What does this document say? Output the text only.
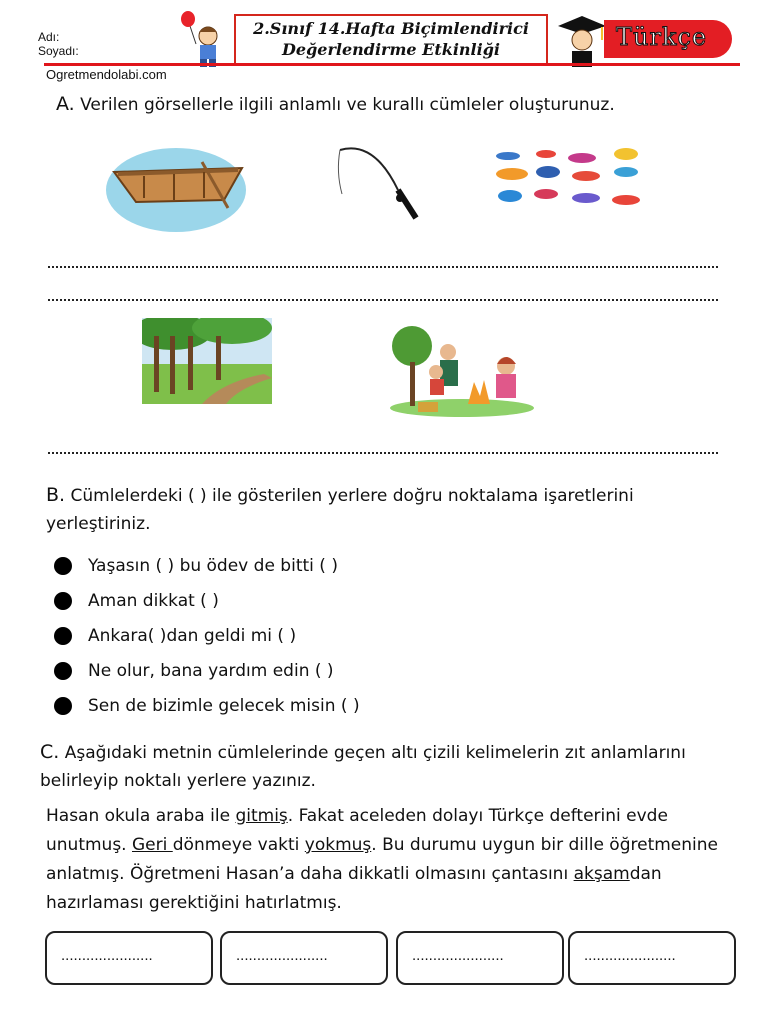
Adı:
Soyadı:
2.Sınıf 14.Hafta Biçimlendirici
Değerlendirme Etkinliği	Türkçe
Ogretmendolabi.com
A. Verilen görsellerle ilgili anlamlı ve kurallı cümleler oluşturunuz.
B. Cümlelerdeki ( ) ile gösterilen yerlere doğru noktalama işaretlerini
yerleştiriniz.
Yaşasın ( ) bu ödev de bitti ( )
Aman dikkat ( )
Ankara( )dan geldi mi ( )
Ne olur, bana yardım edin ( )
Sen de bizimle gelecek misin ( )
C. Aşağıdaki metnin cümlelerinde geçen altı çizili kelimelerin zıt anlamlarını
belirleyip noktalı yerlere yazınız.
Hasan okula araba ile gitmiş. Fakat aceleden dolayı Türkçe defterini evde
unutmuş. Geri dönmeye vakti yokmuş. Bu durumu uygun bir dille öğretmenine
anlatmış. Öğretmeni Hasan’a daha dikkatli olmasını çantasını akşamdan
hazırlaması gerektiğini hatırlatmış.
......................	......................	......................	......................
